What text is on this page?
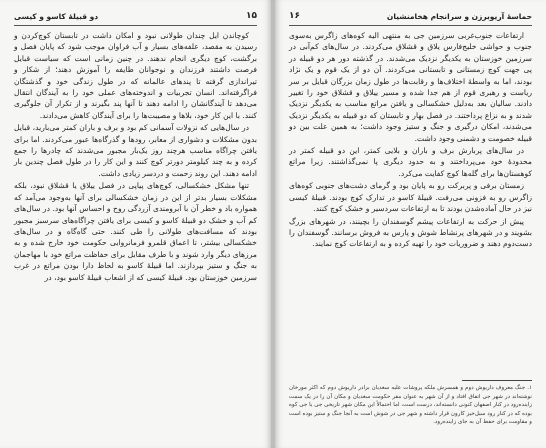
۱۵
دو قبیلهٔ کاسو و کیسی

کوچاندن ایل چندان طولانی نبود و امکان داشت در تابستان کوچ‌کردن و رسیدن به مقصد، علفه‌های بسیار و آب فراوان موجب شود که پایان فصل و برگشت، کوچ دیگری انجام ندهند. در چنین زمانی است که سیاست قبایل فرصت داشتند فرزندان و نوجوانان طایفه را آموزش دهند؛ از شکار و تیراندازی گرفته تا پندهای عالمانه که در طول زندگی خود و گذشتگان فراگرفته‌اند. انسان تجربیات و اندوخته‌های عملی خود را به آیندگان انتقال می‌دهد تا آیندگانشان را ادامه دهند تا آنها پند بگیرند و از تکرار آن جلوگیری کنند. با این کار خود، بلاها و مصیبت‌ها را برای آیندگان کاهش می‌دادند.

در سال‌هایی که نزولات آسمانی کم بود و برف و باران کمتر می‌بارید، قبایل بدون مشکلات و دشواری از معابر، رودها و گذرگاه‌ها عبور می‌کردند. اما برای یافتن چراگاه مناسب هرچند روز یک‌بار مجبور می‌شدند که چادرها را جمع کرده و به چند کیلومتر دورتر کوچ کنند و این کار را در طول فصل چندین بار ادامه دهند. این روند زحمت و دردسر زیادی داشت.

تنها مشکل خشکسالی، کوچ‌های پیاپی در فصل ییلاق یا قشلاق نبود، بلکه مشکلات بسیار بدتر از این در زمان خشکسالی برای آنها به‌وجود می‌آمد که همواره باد و خطر آن با آبرومندی آزردگی روح و احساس آنها بود. در سال‌های کم آب و خشک دو قبیلهٔ کاسو و کیسی برای یافتن چراگاه‌های سرسبز مجبور بودند که مسافت‌های طولانی را طی کنند. حتی گاه‌گاه و در سال‌های خشکسالی بیشتر، تا اعماق قلمرو فرمانروایی حکومت خود خارج شده و به مرزهای دیگر وارد شوند و با طرف مقابل برای حفاظت مراتع خود با مهاجمان به جنگ و ستیز بپردازند. اما قبیلهٔ کاسو به لحاظ دارا بودن مراتع در غرب سرزمین خوزستان بود. قبیلهٔ کیسی که از اشعاب قبیلهٔ کاسو بود، در

حماسهٔ آریوبرزن و سرانجام هخامنشیان
۱۶

ارتفاعات جنوب‌غربی سرزمین جی به منتهی الیه کوه‌های زاگرس به‌سوی جنوب و حواشی خلیج‌فارس یلاق و قشلاق می‌کردند. در سال‌های کم‌آبی در سرزمین خوزستان به یکدیگر نزدیک می‌شدند. در گذشته دور هر دو قبیله در پی جهت کوچ زمستانی و تابستانی می‌کردند. آن دو از یک قوم و یک نژاد بودند، اما به واسطهٔ اختلاف‌ها و رقابت‌ها در طول زمان بزرگان قبایل بر سر ریاست و رهبری قوم از هم جدا شده و مسیر ییلاق و قشلاق خود را تغییر دادند. سالیان بعد به‌دلیل خشکسالی و یافتن مراتع مناسب به یکدیگر نزدیک شدند و به نزاع پرداختند. در فصل بهار و تابستان که دو قبیله به یکدیگر نزدیک می‌شدند، امکان درگیری و جنگ و ستیز وجود داشت؛ به همین علت بین دو قبیله خصومت و دشمنی وجود داشت.

در سال‌های پربارش برف و باران و بلایی کمتر، این دو قبیله کمتر در محدودهٔ خود می‌پرداختند و به حدود دیگری پا نمی‌گذاشتند. زیرا مراتع کوهستان‌ها برای گله‌ها کوچ کفایت می‌کرد.

زمستان برفی و پربرکت رو به پایان بود و گرمای دشت‌های جنوبی کوه‌های زاگرس رو به فزونی می‌رفت. قبیلهٔ کاسو در تدارک کوچ بودند. قبیلهٔ کیسی نیز در حال آماده‌شدن بودند تا به ارتفاعات سردسیر و خشک کوچ کنند.

پیش از حرکت به ارتفاعات پیشم گوسفندان را بچینند، در شهرهای بزرگ بشویند و در شهرهای پرنشاط شوش و پارس به فروش برسانند. گوسفندان را دست‌دوم دهند و ضروریات خود را تهیه کرده و به ارتفاعات کوچ نمایند.

۱. جنگ معروف داریوش دوم و همسرش ملکه پروشات علیه سغدیان برادر داریوش دوم که اکثر مورخان نوشته‌اند در شهر جی اتفاق افتاد و از آن شهر به عنوان مقر حکومت سغدیان و مکان آن را در یک سمت زاینده‌رود در کنار اصفهان کنونی دانسته‌اند، درست است، اما احتمالاً این مکان شهر تاریخی جی یا جی کوه بوده که در کنار رود سیل‌خیز کارون قرار داشته و شهر جی در شوش است به آنجا جنگ و ستیز بوده است و مقاومت برای حفظ آن به جای زاینده‌رود.
